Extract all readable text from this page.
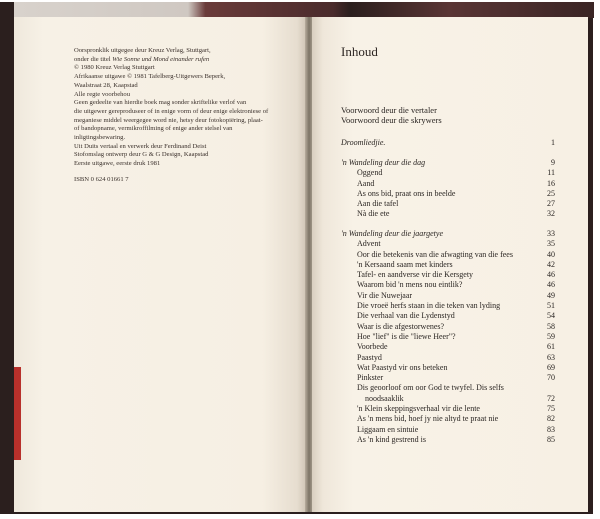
Oorspronklik uitgegee deur Kreuz Verlag, Stuttgart,
onder die titel Wie Sonne und Mond einander rufen
© 1980 Kreuz Verlag Stuttgart
Afrikaanse uitgawe © 1981 Tafelberg-Uitgewers Beperk,
Waalstraat 28, Kaapstad
Alle regte voorbehou
Geen gedeelte van hierdie boek mag sonder skriftelike verlof van
die uitgewer gereproduseer of in enige vorm of deur enige elektroniese of
meganiese middel weergegee word nie, hetsy deur fotokopiëring, plaat-
of bandopname, vermikroffilming of enige ander stelsel van
inligtingsbewaring.
Uit Duits vertaal en verwerk deur Ferdinand Deist
Stofomslag ontwerp deur G & G Design, Kaapstad
Eerste uitgawe, eerste druk 1981
ISBN 0 624 01661 7
Inhoud
Voorwoord deur die vertaler
Voorwoord deur die skrywers
Droomliedjie.	1
'n Wandeling deur die dag	9
Oggend	11
Aand	16
As ons bid, praat ons in beelde	25
Aan die tafel	27
Nà die ete	32
'n Wandeling deur die jaargetye	33
Advent	35
Oor die betekenis van die afwagting van die fees	40
'n Kersaand saam met kinders	42
Tafel- en aandverse vir die Kersgety	46
Waarom bid 'n mens nou eintlik?	46
Vir die Nuwejaar	49
Die vroeë herfs staan in die teken van lyding	51
Die verhaal van die Lydenstyd	54
Waar is die afgestorwenes?	58
Hoe "lief" is die "liewe Heer"?	59
Voorbede	61
Paastyd	63
Wat Paastyd vir ons beteken	69
Pinkster	70
Dis geoorloof om oor God te twyfel. Dis selfs
noodsaaklik	72
'n Klein skeppingsverhaal vir die lente	75
As 'n mens bid, hoef jy nie altyd te praat nie	82
Liggaam en sintuie	83
As 'n kind gestrend is	85
